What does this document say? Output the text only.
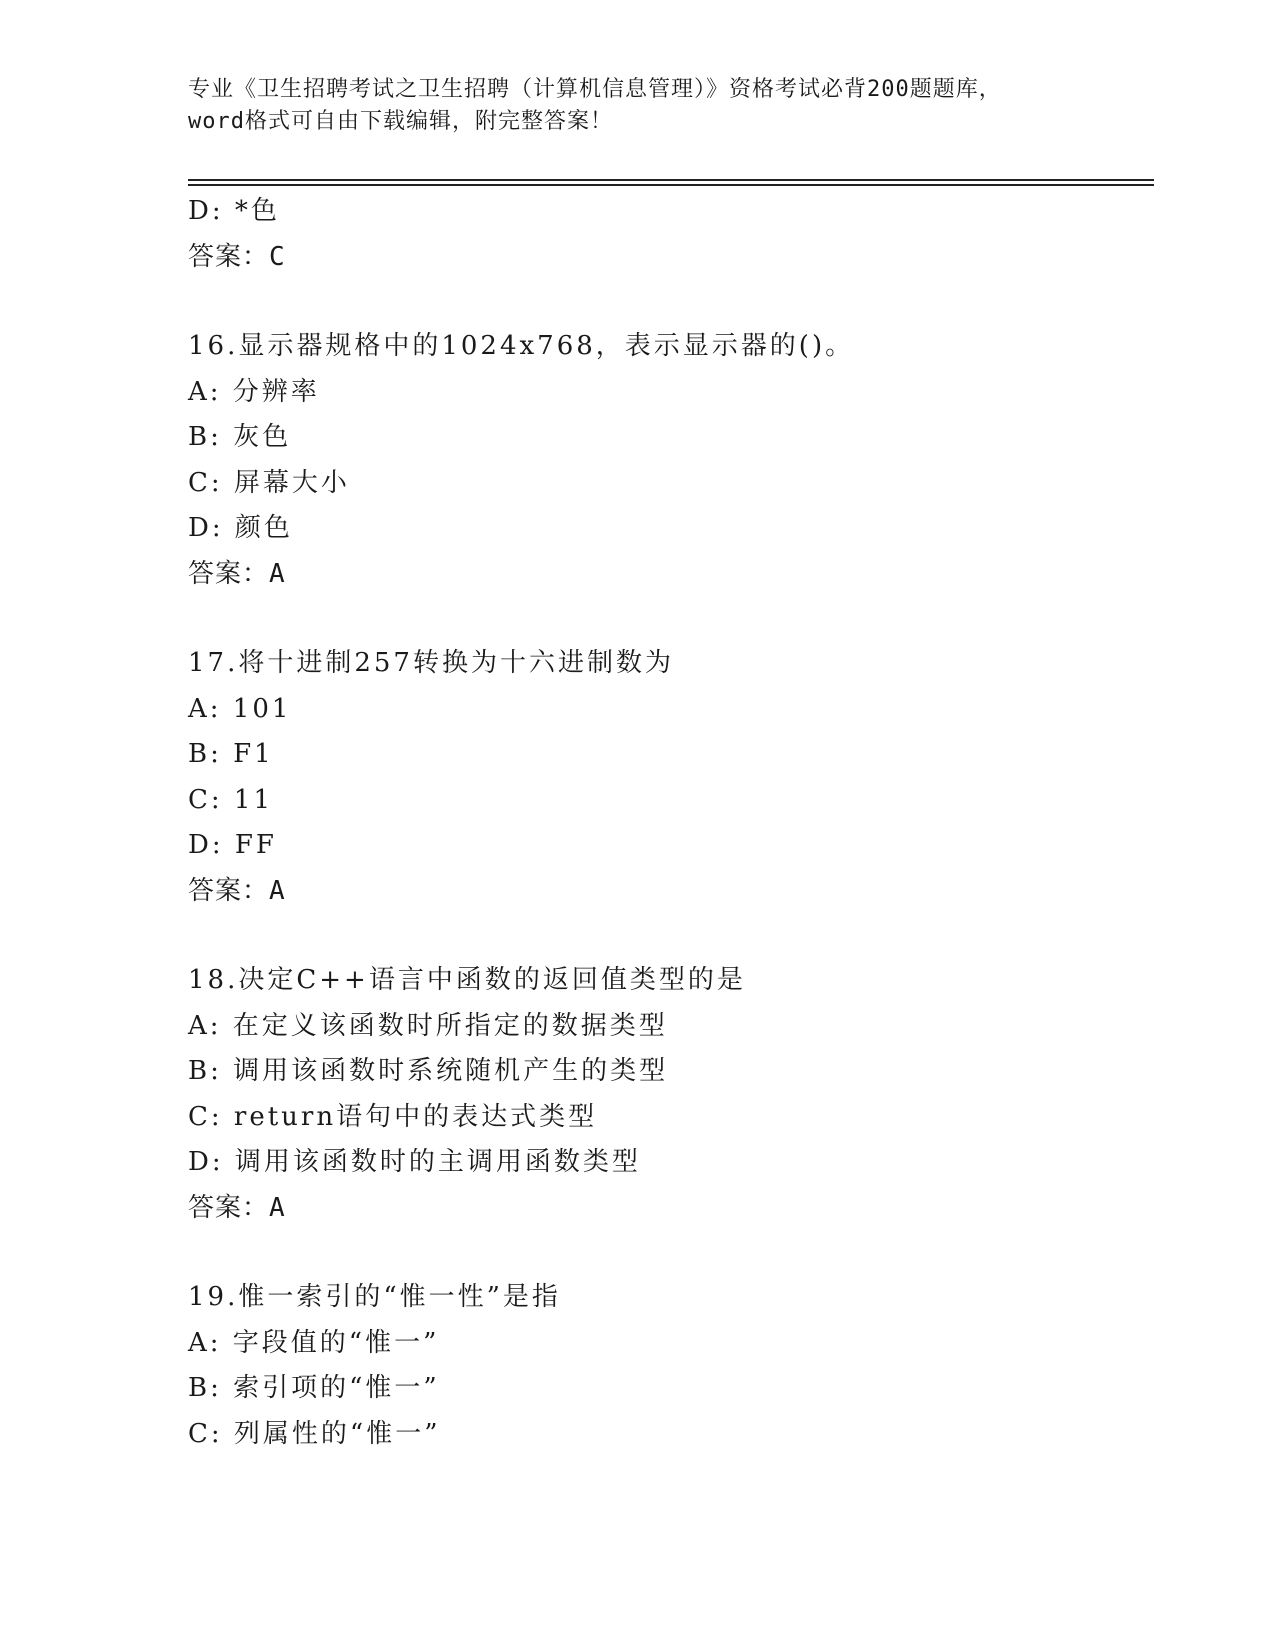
专业《卫生招聘考试之卫生招聘（计算机信息管理）》资格考试必背200题题库，
word格式可自由下载编辑，附完整答案！
D: *色
答案：C
16.显示器规格中的1024x768，表示显示器的()。
A: 分辨率
B: 灰色
C: 屏幕大小
D: 颜色
答案：A
17.将十进制257转换为十六进制数为
A: 101
B: F1
C: 11
D: FF
答案：A
18.决定C++语言中函数的返回值类型的是
A: 在定义该函数时所指定的数据类型
B: 调用该函数时系统随机产生的类型
C: return语句中的表达式类型
D: 调用该函数时的主调用函数类型
答案：A
19.惟一索引的“惟一性”是指
A: 字段值的“惟一”
B: 索引项的“惟一”
C: 列属性的“惟一”
